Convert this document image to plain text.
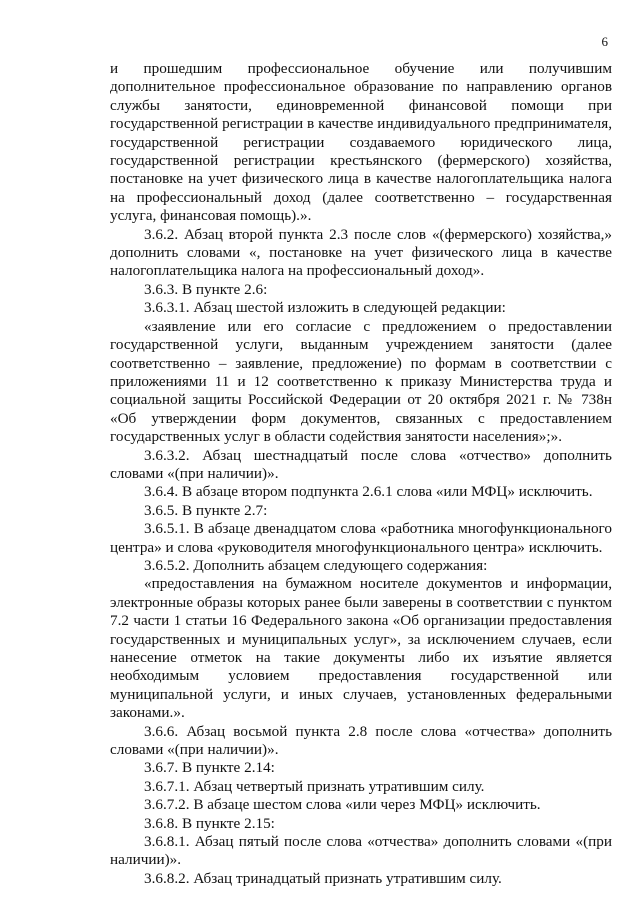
6

и прошедшим профессиональное обучение или получившим дополнительное профессиональное образование по направлению органов службы занятости, единовременной финансовой помощи при государственной регистрации в качестве индивидуального предпринимателя, государственной регистрации создаваемого юридического лица, государственной регистрации крестьянского (фермерского) хозяйства, постановке на учет физического лица в качестве налогоплательщика налога на профессиональный доход (далее соответственно – государственная услуга, финансовая помощь).».

3.6.2. Абзац второй пункта 2.3 после слов «(фермерского) хозяйства,» дополнить словами «, постановке на учет физического лица в качестве налогоплательщика налога на профессиональный доход».

3.6.3. В пункте 2.6:

3.6.3.1. Абзац шестой изложить в следующей редакции:

«заявление или его согласие с предложением о предоставлении государственной услуги, выданным учреждением занятости (далее соответственно – заявление, предложение) по формам в соответствии с приложениями 11 и 12 соответственно к приказу Министерства труда и социальной защиты Российской Федерации от 20 октября 2021 г. № 738н «Об утверждении форм документов, связанных с предоставлением государственных услуг в области содействия занятости населения»;».

3.6.3.2. Абзац шестнадцатый после слова «отчество» дополнить словами «(при наличии)».

3.6.4. В абзаце втором подпункта 2.6.1 слова «или МФЦ» исключить.

3.6.5. В пункте 2.7:

3.6.5.1. В абзаце двенадцатом слова «работника многофункционального центра» и слова «руководителя многофункционального центра» исключить.

3.6.5.2. Дополнить абзацем следующего содержания:

«предоставления на бумажном носителе документов и информации, электронные образы которых ранее были заверены в соответствии с пунктом 7.2 части 1 статьи 16 Федерального закона «Об организации предоставления государственных и муниципальных услуг», за исключением случаев, если нанесение отметок на такие документы либо их изъятие является необходимым условием предоставления государственной или муниципальной услуги, и иных случаев, установленных федеральными законами.».

3.6.6. Абзац восьмой пункта 2.8 после слова «отчества» дополнить словами «(при наличии)».

3.6.7. В пункте 2.14:

3.6.7.1. Абзац четвертый признать утратившим силу.

3.6.7.2. В абзаце шестом слова «или через МФЦ» исключить.

3.6.8. В пункте 2.15:

3.6.8.1. Абзац пятый после слова «отчества» дополнить словами «(при наличии)».

3.6.8.2. Абзац тринадцатый признать утратившим силу.
